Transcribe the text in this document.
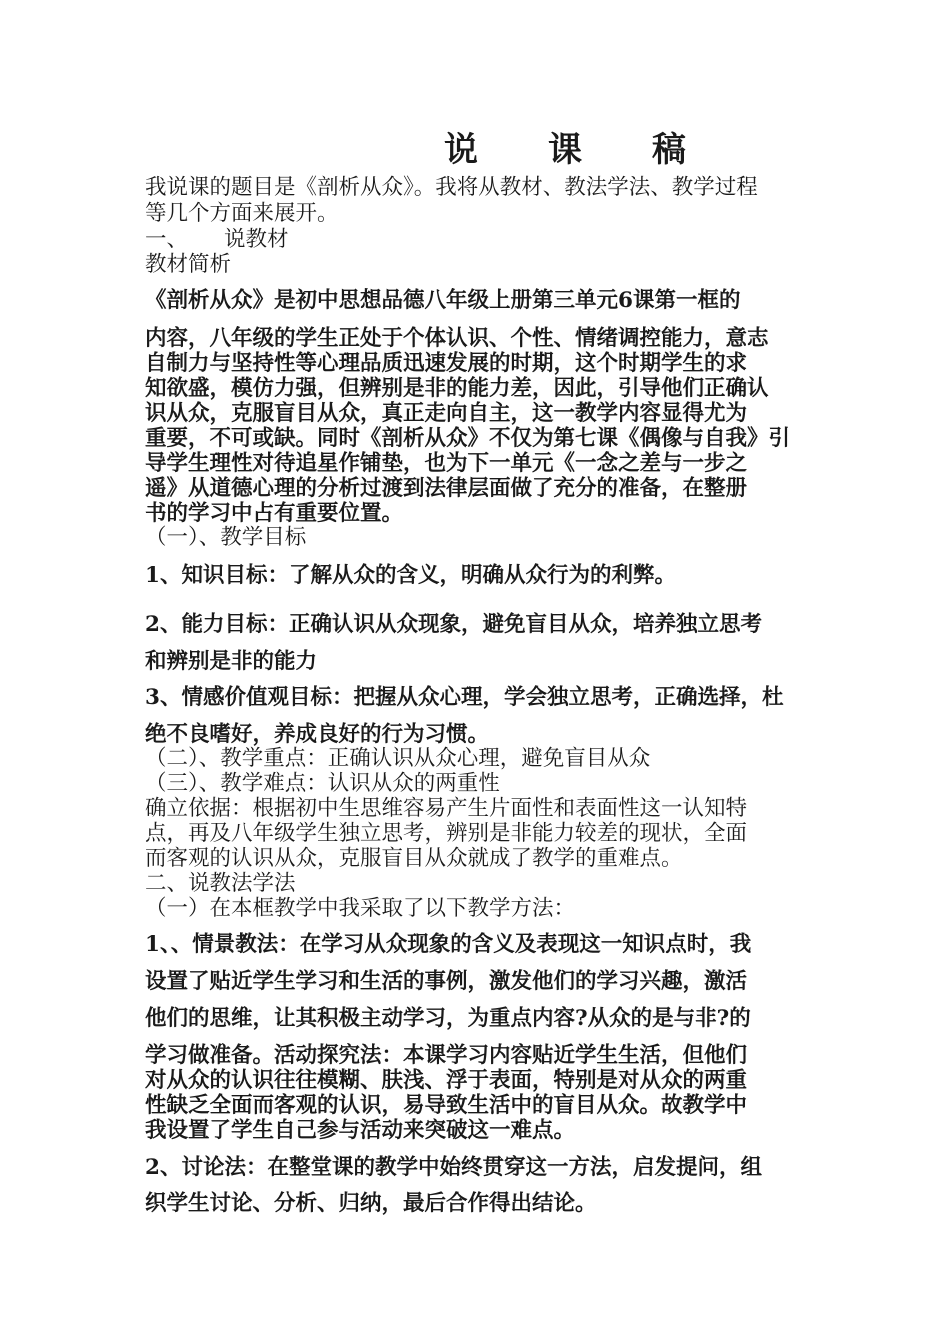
说课稿
我说课的题目是《剖析从众》。我将从教材、教法学法、教学过程
等几个方面来展开。
一、 说教材
教材简析
《剖析从众》是初中思想品德八年级上册第三单元6课第一框的
内容，八年级的学生正处于个体认识、个性、情绪调控能力，意志
自制力与坚持性等心理品质迅速发展的时期，这个时期学生的求
知欲盛，模仿力强，但辨别是非的能力差，因此，引导他们正确认
识从众，克服盲目从众，真正走向自主，这一教学内容显得尤为
重要，不可或缺。同时《剖析从众》不仅为第七课《偶像与自我》引
导学生理性对待追星作铺垫，也为下一单元《一念之差与一步之
遥》从道德心理的分析过渡到法律层面做了充分的准备，在整册
书的学习中占有重要位置。
（一）、教学目标
1、知识目标：了解从众的含义，明确从众行为的利弊。
2、能力目标：正确认识从众现象，避免盲目从众，培养独立思考
和辨别是非的能力
3、情感价值观目标：把握从众心理，学会独立思考，正确选择，杜
绝不良嗜好，养成良好的行为习惯。
（二）、教学重点：正确认识从众心理，避免盲目从众
（三）、教学难点：认识从众的两重性
确立依据：根据初中生思维容易产生片面性和表面性这一认知特
点，再及八年级学生独立思考，辨别是非能力较差的现状，全面
而客观的认识从众，克服盲目从众就成了教学的重难点。
二、说教法学法
（一）在本框教学中我采取了以下教学方法：
1、、情景教法：在学习从众现象的含义及表现这一知识点时，我
设置了贴近学生学习和生活的事例，激发他们的学习兴趣，激活
他们的思维，让其积极主动学习，为重点内容?从众的是与非?的
学习做准备。活动探究法：本课学习内容贴近学生生活，但他们
对从众的认识往往模糊、肤浅、浮于表面，特别是对从众的两重
性缺乏全面而客观的认识，易导致生活中的盲目从众。故教学中
我设置了学生自己参与活动来突破这一难点。
2、讨论法：在整堂课的教学中始终贯穿这一方法，启发提问，组
织学生讨论、分析、归纳，最后合作得出结论。
